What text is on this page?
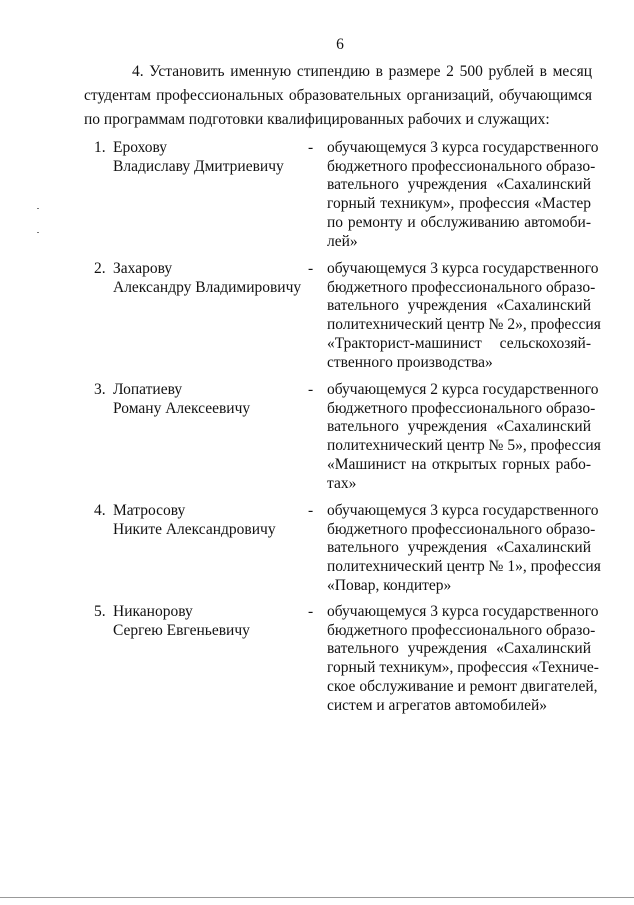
6

4. Установить именную стипендию в размере 2 500 рублей в месяц

студентам профессиональных образовательных организаций, обучающимся

по программам подготовки квалифицированных рабочих и служащих:

1. Ерохову
Владиславу Дмитриевичу
- обучающемуся 3 курса государственного
бюджетного профессионального образо-
вательного учреждения «Сахалинский
горный техникум», профессия «Мастер
по ремонту и обслуживанию автомоби-
лей»
2. Захарову
Александру Владимировичу
- обучающемуся 3 курса государственного
бюджетного профессионального образо-
вательного учреждения «Сахалинский
политехнический центр № 2», профессия
«Тракторист-машинист сельскохозяй-
ственного производства»
3. Лопатиеву
Роману Алексеевичу
- обучающемуся 2 курса государственного
бюджетного профессионального образо-
вательного учреждения «Сахалинский
политехнический центр № 5», профессия
«Машинист на открытых горных рабо-
тах»
4. Матросову
Никите Александровичу
- обучающемуся 3 курса государственного
бюджетного профессионального образо-
вательного учреждения «Сахалинский
политехнический центр № 1», профессия
«Повар, кондитер»
5. Никанорову
Сергею Евгеньевичу
- обучающемуся 3 курса государственного
бюджетного профессионального образо-
вательного учреждения «Сахалинский
горный техникум», профессия «Техниче-
ское обслуживание и ремонт двигателей,
систем и агрегатов автомобилей»
